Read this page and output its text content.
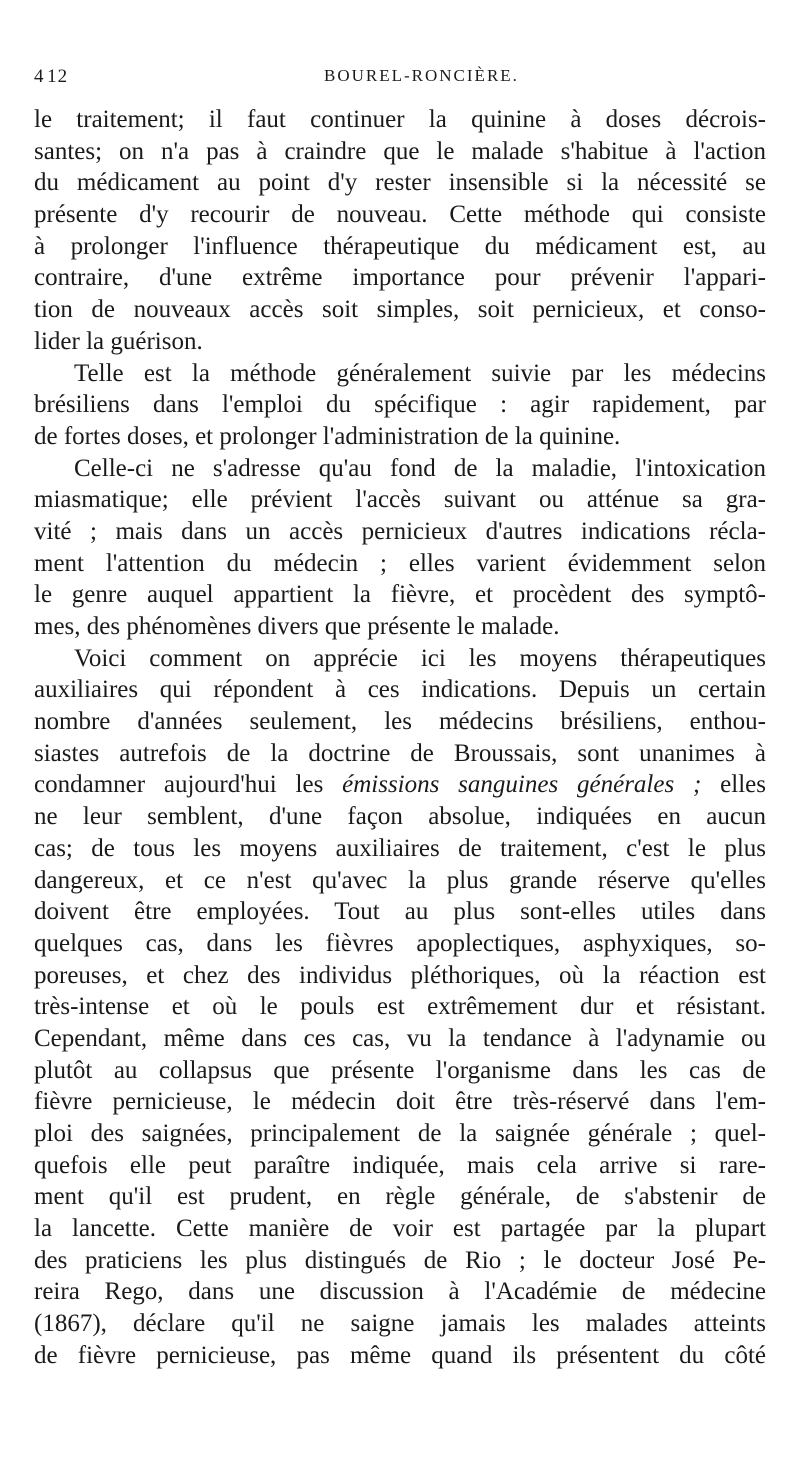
4 12	BOUREL-RONCIÈRE.
le traitement; il faut continuer la quinine à doses décrois-
santes; on n'a pas à craindre que le malade s'habitue à l'action
du médicament au point d'y rester insensible si la nécessité se
présente d'y recourir de nouveau. Cette méthode qui consiste
à prolonger l'influence thérapeutique du médicament est, au
contraire, d'une extrême importance pour prévenir l'appari-
tion de nouveaux accès soit simples, soit pernicieux, et conso-
lider la guérison.
Telle est la méthode généralement suivie par les médecins
brésiliens dans l'emploi du spécifique : agir rapidement, par
de fortes doses, et prolonger l'administration de la quinine.
Celle-ci ne s'adresse qu'au fond de la maladie, l'intoxication
miasmatique; elle prévient l'accès suivant ou atténue sa gra-
vité ; mais dans un accès pernicieux d'autres indications récla-
ment l'attention du médecin ; elles varient évidemment selon
le genre auquel appartient la fièvre, et procèdent des symptô-
mes, des phénomènes divers que présente le malade.
Voici comment on apprécie ici les moyens thérapeutiques
auxiliaires qui répondent à ces indications. Depuis un certain
nombre d'années seulement, les médecins brésiliens, enthou-
siastes autrefois de la doctrine de Broussais, sont unanimes à
condamner aujourd'hui les émissions sanguines générales ; elles
ne leur semblent, d'une façon absolue, indiquées en aucun
cas; de tous les moyens auxiliaires de traitement, c'est le plus
dangereux, et ce n'est qu'avec la plus grande réserve qu'elles
doivent être employées. Tout au plus sont-elles utiles dans
quelques cas, dans les fièvres apoplectiques, asphyxiques, so-
poreuses, et chez des individus pléthoriques, où la réaction est
très-intense et où le pouls est extrêmement dur et résistant.
Cependant, même dans ces cas, vu la tendance à l'adynamie ou
plutôt au collapsus que présente l'organisme dans les cas de
fièvre pernicieuse, le médecin doit être très-réservé dans l'em-
ploi des saignées, principalement de la saignée générale ; quel-
quefois elle peut paraître indiquée, mais cela arrive si rare-
ment qu'il est prudent, en règle générale, de s'abstenir de
la lancette. Cette manière de voir est partagée par la plupart
des praticiens les plus distingués de Rio ; le docteur José Pe-
reira Rego, dans une discussion à l'Académie de médecine
(1867), déclare qu'il ne saigne jamais les malades atteints
de fièvre pernicieuse, pas même quand ils présentent du côté
